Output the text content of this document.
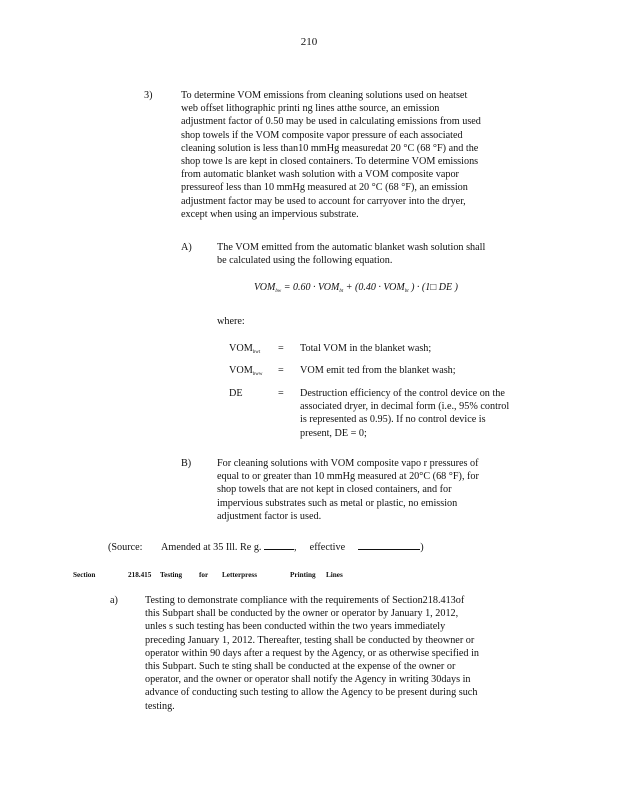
210
3)	To determine VOM emissions from cleaning solutions used on heatset
web offset lithographic printi ng lines atthe source, an emission
adjustment factor of 0.50 may be used in calculating emissions from used
shop towels if the VOM composite vapor pressure of each associated
cleaning solution is less than10 mmHg measuredat 20 °C (68 °F) and the
shop towe ls are kept in closed containers. To determine VOM emissions
from automatic blanket wash solution with a VOM composite vapor
pressureof less than 10 mmHg measured at 20 °C (68 °F), an emission
adjustment factor may be used to account for carryover into the dryer,
except when using an impervious substrate.
A) The VOM emitted from the automatic blanket wash solution shall
be calculated using the following equation.
$VOM_{bw} = 0.60 \cdot VOM_{bt} + (0.40 \cdot VOM_{bt}$ ) · (1□ DE )
where:
$VOM_{bwt}$ = Total VOM in the blanket wash;
$VOM_{bww}$ = VOM emit ted from the blanket wash;
DE	= Destruction efficiency of the control device on the
associated dryer, in decimal form (i.e., 95% control
is represented as 0.95). If no control device is
present, DE = 0;
B)	For cleaning solutions with VOM composite vapo r pressures of
equal to or greater than 10 mmHg measured at 20°C (68 °F), for
shop towels that are not kept in closed containers, and for
impervious substrates such as metal or plastic, no emission
adjustment factor is used.
(Source: Amended at 35 Ill. Re g.	,  effective	)
Section	218.415 Testing for Letterpress	Printing Lines
a)	Testing to demonstrate compliance with the requirements of Section218.413of
this Subpart shall be conducted by the owner or operator by January 1, 2012,
unles s such testing has been conducted within the two years immediately
preceding January 1, 2012. Thereafter, testing shall be conducted by theowner or
operator within 90 days after a request by the Agency, or as otherwise specified in
this Subpart. Such te sting shall be conducted at the expense of the owner or
operator, and the owner or operator shall notify the Agency in writing 30days in
advance of conducting such testing to allow the Agency to be present during such
testing.
